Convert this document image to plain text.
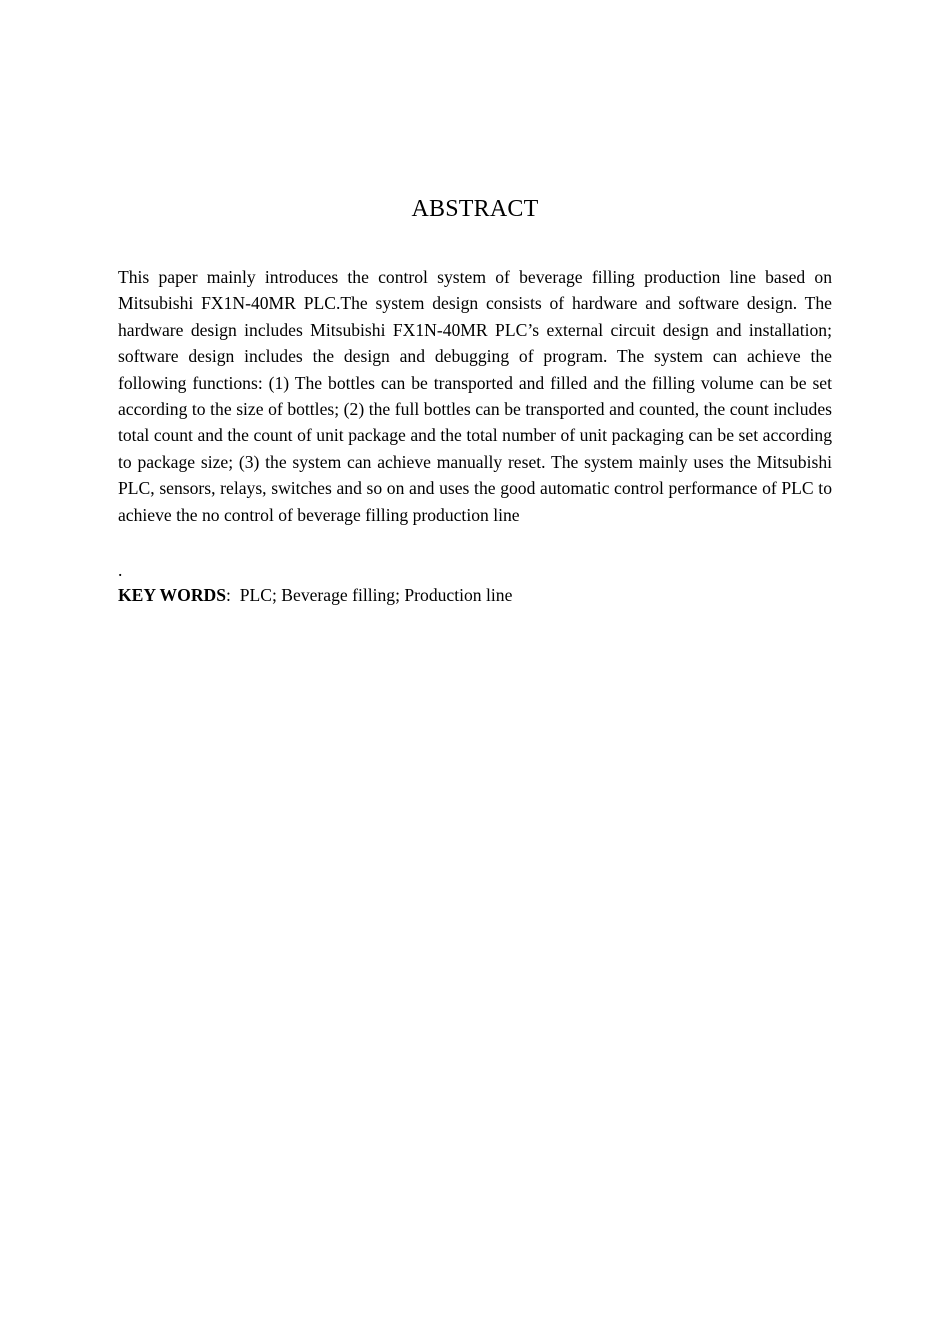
ABSTRACT

This paper mainly introduces the control system of beverage filling production line based on Mitsubishi FX1N-40MR PLC.The system design consists of hardware and software design. The hardware design includes Mitsubishi FX1N-40MR PLC’s external circuit design and installation; software design includes the design and debugging of program. The system can achieve the following functions: (1) The bottles can be transported and filled and the filling volume can be set according to the size of bottles; (2) the full bottles can be transported and counted, the count includes total count and the count of unit package and the total number of unit packaging can be set according to package size; (3) the system can achieve manually reset. The system mainly uses the Mitsubishi PLC, sensors, relays, switches and so on and uses the good automatic control performance of PLC to achieve the no control of beverage filling production line

.
KEY WORDS: PLC; Beverage filling; Production line
